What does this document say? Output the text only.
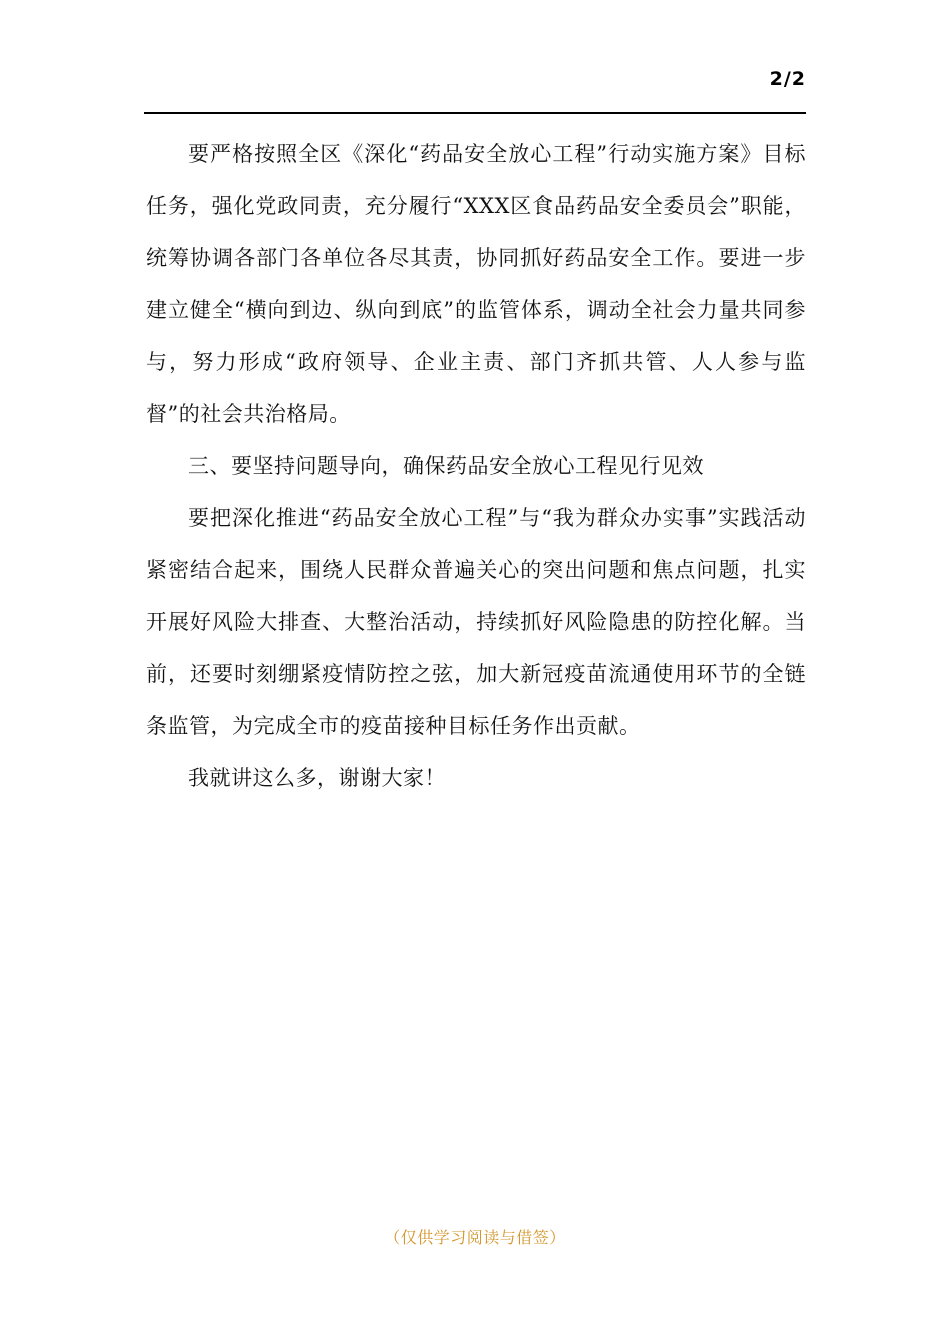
2/2

要严格按照全区《深化“药品安全放心工程”行动实施方案》目标任务，强化党政同责，充分履行“XXX区食品药品安全委员会”职能，统筹协调各部门各单位各尽其责，协同抓好药品安全工作。要进一步建立健全“横向到边、纵向到底”的监管体系，调动全社会力量共同参与，努力形成“政府领导、企业主责、部门齐抓共管、人人参与监督”的社会共治格局。

三、要坚持问题导向，确保药品安全放心工程见行见效

要把深化推进“药品安全放心工程”与“我为群众办实事”实践活动紧密结合起来，围绕人民群众普遍关心的突出问题和焦点问题，扎实开展好风险大排查、大整治活动，持续抓好风险隐患的防控化解。当前，还要时刻绷紧疫情防控之弦，加大新冠疫苗流通使用环节的全链条监管，为完成全市的疫苗接种目标任务作出贡献。

我就讲这么多，谢谢大家！

（仅供学习阅读与借签）
